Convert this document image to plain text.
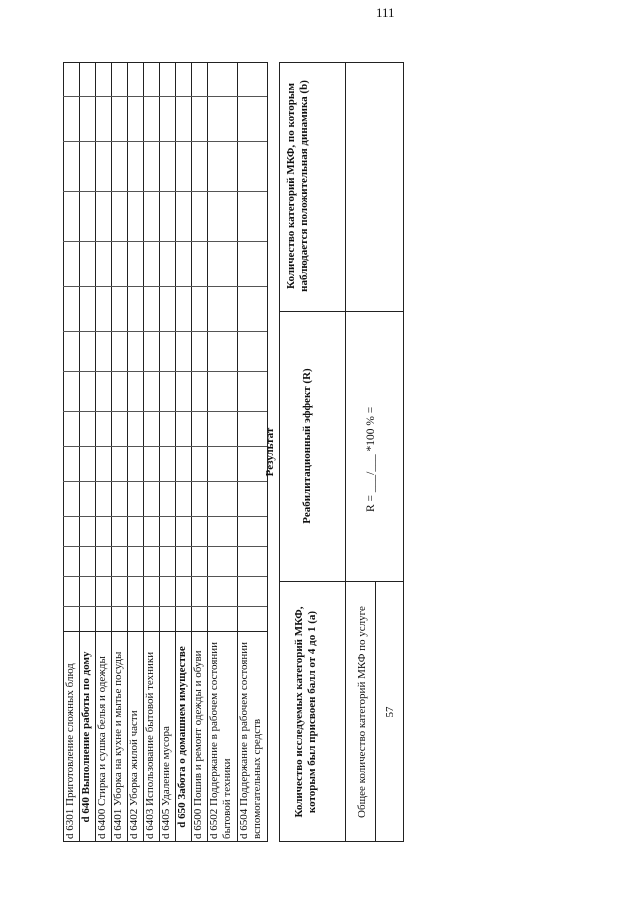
111
d 6301 Приготовление сложных блюд d 640 Выполнение работы по дому d 6400 Стирка и сушка белья и одежды d 6401 Уборка на кухне и мытье посуды d 6402 Уборка жилой части d 6403 Использование бытовой техники d 6405 Удаление мусора d 650 Забота о домашнем имуществе d 6500 Пошив и ремонт одежды и обуви d 6502 Поддержание в рабочем состоянии бытовой техники d 6504 Поддержание в рабочем состоянии вспомогательных средств
Результат
Количество исследуемых категорий МКФ, которым был присвоен балл от 4 до 1 (a)
Реабилитационный эффект (R)
Количество категорий МКФ, по которым наблюдается положительная динамика (b)
R = ___/___ *100 % =
Общее количество категорий МКФ по услуге	57
